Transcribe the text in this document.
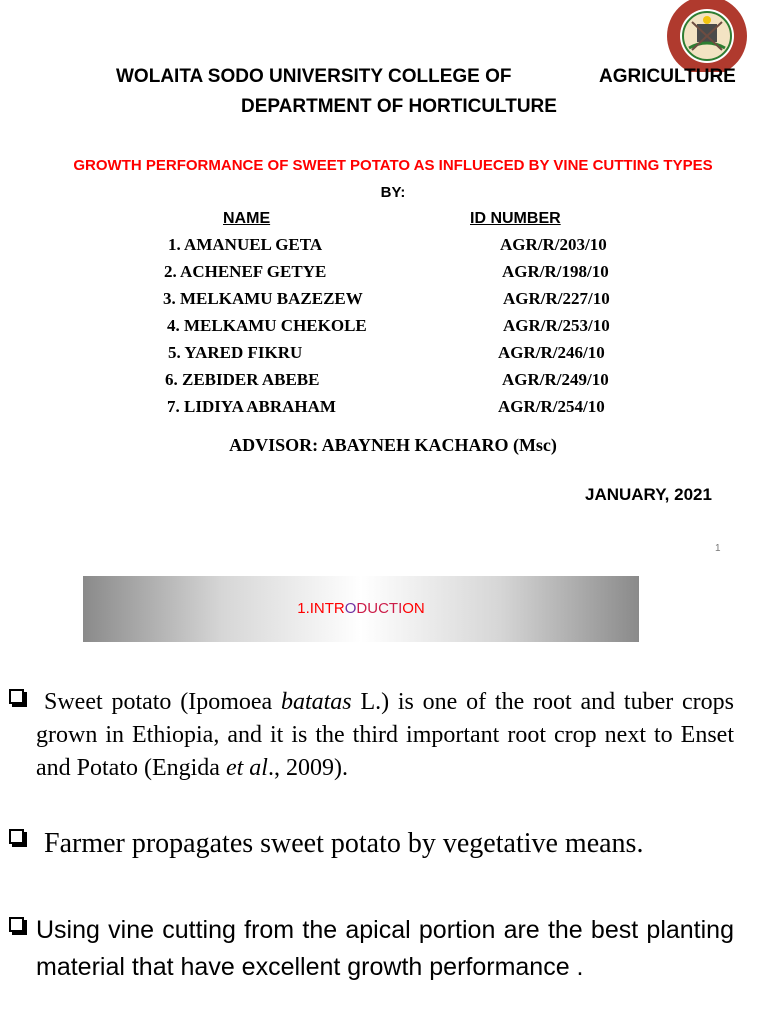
WOLAITA SODO UNIVERSITY COLLEGE OF	AGRICULTURE
DEPARTMENT OF HORTICULTURE
GROWTH PERFORMANCE OF SWEET POTATO AS INFLUECED BY VINE CUTTING TYPES
BY:
NAME	ID NUMBER
1. AMANUEL GETA	AGR/R/203/10
2. ACHENEF GETYE	AGR/R/198/10
3. MELKAMU BAZEZEW	AGR/R/227/10
4. MELKAMU CHEKOLE	AGR/R/253/10
5. YARED FIKRU	AGR/R/246/10
6. ZEBIDER ABEBE	AGR/R/249/10
7. LIDIYA ABRAHAM	AGR/R/254/10
ADVISOR: ABAYNEH KACHARO (Msc)
JANUARY, 2021
1
1.INTRODUCTION
Sweet potato (Ipomoea batatas L.) is one of the root and tuber crops grown in Ethiopia, and it is the third important root crop next to Enset and Potato (Engida et al., 2009).
Farmer propagates sweet potato by vegetative means.
Using vine cutting from the apical portion are the best planting material that have excellent growth performance .
